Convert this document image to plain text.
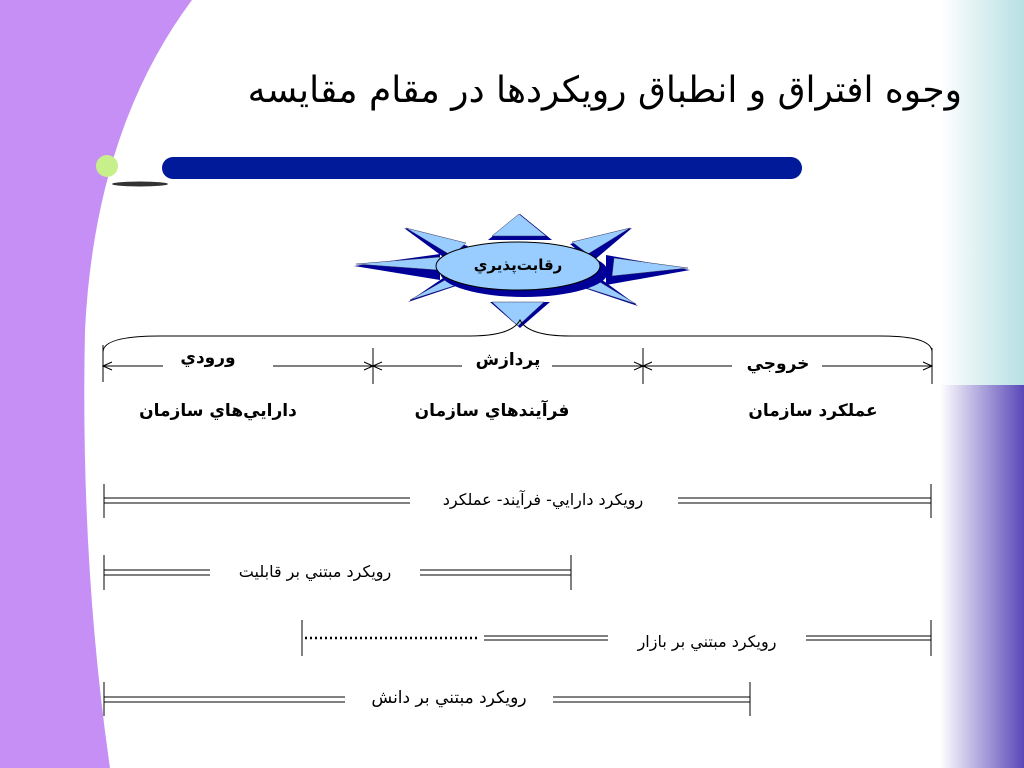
وجوه افتراق و انطباق رويكردها در مقام مقايسه
رقابت‌پذيري
ورودي	پردازش	خروجي
دارايي‌هاي سازمان	فرآيندهاي سازمان	عملكرد سازمان
رويكرد دارايي- فرآيند- عملكرد
رويكرد مبتني بر قابليت
رويكرد مبتني بر بازار
رويكرد مبتني بر دانش
